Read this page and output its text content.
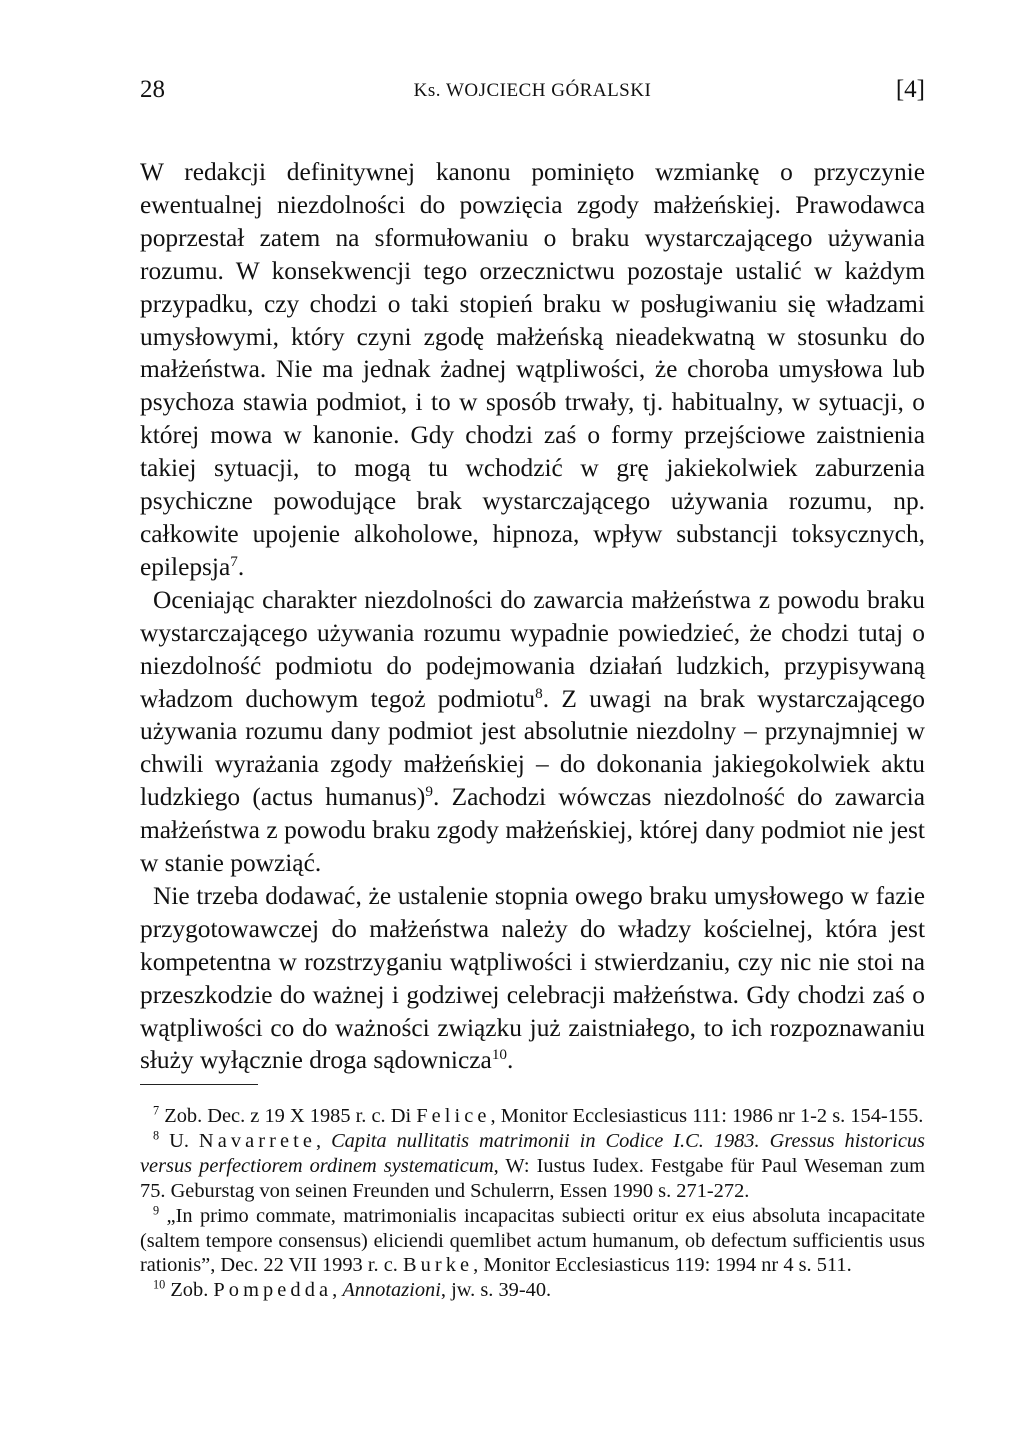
28	Ks. WOJCIECH GÓRALSKI	[4]

W redakcji definitywnej kanonu pominięto wzmiankę o przyczynie ewentualnej niezdolności do powzięcia zgody małżeńskiej. Prawodawca poprzestał zatem na sformułowaniu o braku wystarczającego używania rozumu. W konsekwencji tego orzecznictwu pozostaje ustalić w każdym przypadku, czy chodzi o taki stopień braku w posługiwaniu się władzami umysłowymi, który czyni zgodę małżeńską nieadekwatną w stosunku do małżeństwa. Nie ma jednak żadnej wątpliwości, że choroba umysłowa lub psychoza stawia podmiot, i to w sposób trwały, tj. habitualny, w sytuacji, o której mowa w kanonie. Gdy chodzi zaś o formy przejściowe zaistnienia takiej sytuacji, to mogą tu wchodzić w grę jakiekolwiek zaburzenia psychiczne powodujące brak wystarczającego używania rozumu, np. całkowite upojenie alkoholowe, hipnoza, wpływ substancji toksycznych, epilepsja$^7$.

Oceniając charakter niezdolności do zawarcia małżeństwa z powodu braku wystarczającego używania rozumu wypadnie powiedzieć, że chodzi tutaj o niezdolność podmiotu do podejmowania działań ludzkich, przypisywaną władzom duchowym tegoż podmiotu$^8$. Z uwagi na brak wystarczającego używania rozumu dany podmiot jest absolutnie niezdolny – przynajmniej w chwili wyrażania zgody małżeńskiej – do dokonania jakiegokolwiek aktu ludzkiego (actus humanus)$^9$. Zachodzi wówczas niezdolność do zawarcia małżeństwa z powodu braku zgody małżeńskiej, której dany podmiot nie jest w stanie powziąć.

Nie trzeba dodawać, że ustalenie stopnia owego braku umysłowego w fazie przygotowawczej do małżeństwa należy do władzy kościelnej, która jest kompetentna w rozstrzyganiu wątpliwości i stwierdzaniu, czy nic nie stoi na przeszkodzie do ważnej i godziwej celebracji małżeństwa. Gdy chodzi zaś o wątpliwości co do ważności związku już zaistniałego, to ich rozpoznawaniu służy wyłącznie droga sądownicza$^{10}$.

$^7$ Zob. Dec. z 19 X 1985 r. c. Di Felice, Monitor Ecclesiasticus 111: 1986 nr 1-2 s. 154-155.

$^8$ U. Navarrete, Capita nullitatis matrimonii in Codice I.C. 1983. Gressus historicus versus perfectiorem ordinem systematicum, W: Iustus Iudex. Festgabe für Paul Weseman zum 75. Geburstag von seinen Freunden und Schulerrn, Essen 1990 s. 271-272.

$^9$ „In primo commate, matrimonialis incapacitas subiecti oritur ex eius absoluta incapacitate (saltem tempore consensus) eliciendi quemlibet actum humanum, ob defectum sufficientis usus rationis”, Dec. 22 VII 1993 r. c. Burke, Monitor Ecclesiasticus 119: 1994 nr 4 s. 511.

$^{10}$ Zob. Pompedda, Annotazioni, jw. s. 39-40.
